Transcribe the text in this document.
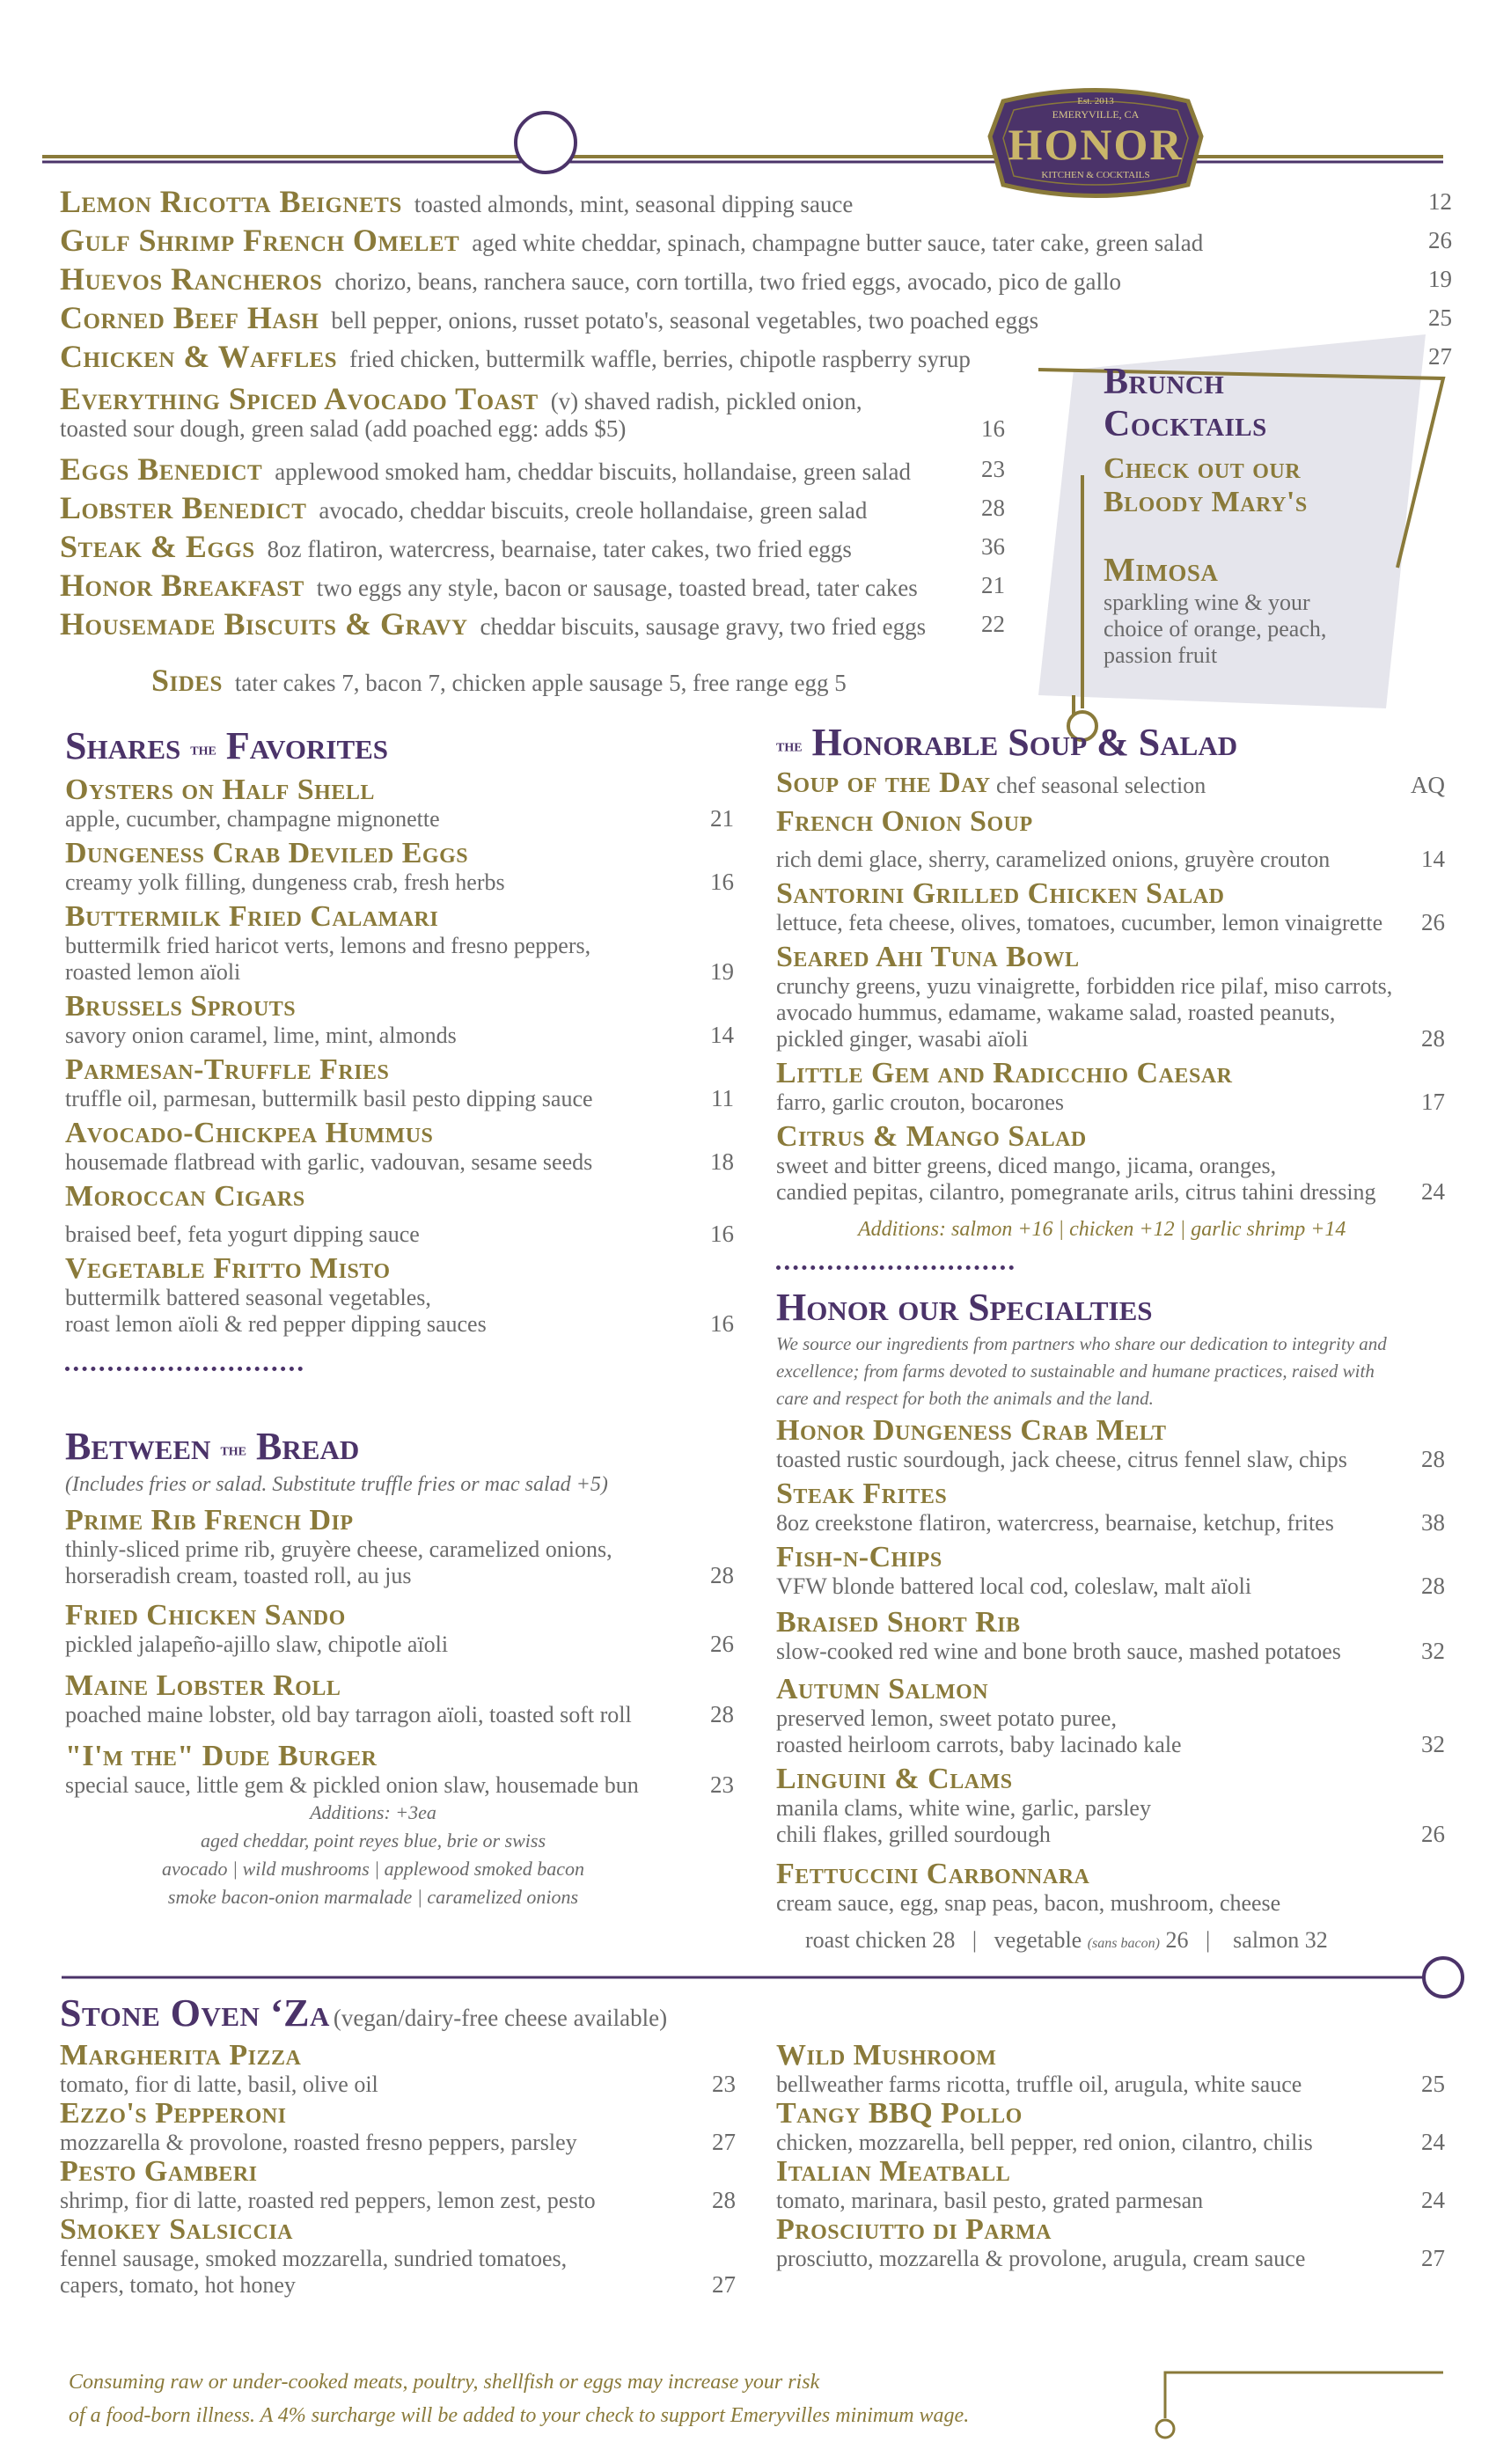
Est. 2013
EMERYVILLE, CA
HONOR
KITCHEN & COCKTAILS
Lemon Ricotta Beignets toasted almonds, mint, seasonal dipping sauce	12
Gulf Shrimp French Omelet aged white cheddar, spinach, champagne butter sauce, tater cake, green salad	26
Huevos Rancheros chorizo, beans, ranchera sauce, corn tortilla, two fried eggs, avocado, pico de gallo	19
Corned Beef Hash bell pepper, onions, russet potato's, seasonal vegetables, two poached eggs	25
Chicken & Waffles fried chicken, buttermilk waffle, berries, chipotle raspberry syrup	27
Everything Spiced Avocado Toast (v) shaved radish, pickled onion,
toasted sour dough, green salad (add poached egg: adds $5)	16
Eggs Benedict applewood smoked ham, cheddar biscuits, hollandaise, green salad	23
Lobster Benedict avocado, cheddar biscuits, creole hollandaise, green salad	28
Steak & Eggs 8oz flatiron, watercress, bearnaise, tater cakes, two fried eggs	36
Honor Breakfast two eggs any style, bacon or sausage, toasted bread, tater cakes	21
Housemade Biscuits & Gravy cheddar biscuits, sausage gravy, two fried eggs	22
Sides tater cakes 7, bacon 7, chicken apple sausage 5, free range egg 5
Brunch
Cocktails
Check out our
Bloody Mary's
Mimosa
sparkling wine & your
choice of orange, peach,
passion fruit
Shares the Favorites
Oysters on Half Shell
apple, cucumber, champagne mignonette	21
Dungeness Crab Deviled Eggs
creamy yolk filling, dungeness crab, fresh herbs	16
Buttermilk Fried Calamari
buttermilk fried haricot verts, lemons and fresno peppers,
roasted lemon aïoli	19
Brussels Sprouts
savory onion caramel, lime, mint, almonds	14
Parmesan-Truffle Fries
truffle oil, parmesan, buttermilk basil pesto dipping sauce	11
Avocado-Chickpea Hummus
housemade flatbread with garlic, vadouvan, sesame seeds	18
Moroccan Cigars
braised beef, feta yogurt dipping sauce	16
Vegetable Fritto Misto
buttermilk battered seasonal vegetables,
roast lemon aïoli & red pepper dipping sauces	16
Between the Bread
(Includes fries or salad. Substitute truffle fries or mac salad +5)
Prime Rib French Dip
thinly-sliced prime rib, gruyère cheese, caramelized onions,
horseradish cream, toasted roll, au jus	28
Fried Chicken Sando
pickled jalapeño-ajillo slaw, chipotle aïoli	26
Maine Lobster Roll
poached maine lobster, old bay tarragon aïoli, toasted soft roll	28
"I'm the" Dude Burger
special sauce, little gem & pickled onion slaw, housemade bun	23
Additions: +3ea
aged cheddar, point reyes blue, brie or swiss
avocado | wild mushrooms | applewood smoked bacon
smoke bacon-onion marmalade | caramelized onions
the Honorable Soup & Salad
Soup of the Day chef seasonal selection	AQ
French Onion Soup
rich demi glace, sherry, caramelized onions, gruyère crouton	14
Santorini Grilled Chicken Salad
lettuce, feta cheese, olives, tomatoes, cucumber, lemon vinaigrette	26
Seared Ahi Tuna Bowl
crunchy greens, yuzu vinaigrette, forbidden rice pilaf, miso carrots,
avocado hummus, edamame, wakame salad, roasted peanuts,
pickled ginger, wasabi aïoli	28
Little Gem and Radicchio Caesar
farro, garlic crouton, bocarones	17
Citrus & Mango Salad
sweet and bitter greens, diced mango, jicama, oranges,
candied pepitas, cilantro, pomegranate arils, citrus tahini dressing	24
Additions: salmon +16 | chicken +12 | garlic shrimp +14
Honor our Specialties
We source our ingredients from partners who share our dedication to integrity and
excellence; from farms devoted to sustainable and humane practices, raised with
care and respect for both the animals and the land.
Honor Dungeness Crab Melt
toasted rustic sourdough, jack cheese, citrus fennel slaw, chips	28
Steak Frites
8oz creekstone flatiron, watercress, bearnaise, ketchup, frites	38
Fish-n-Chips
VFW blonde battered local cod, coleslaw, malt aïoli	28
Braised Short Rib
slow-cooked red wine and bone broth sauce, mashed potatoes	32
Autumn Salmon
preserved lemon, sweet potato puree,
roasted heirloom carrots, baby lacinado kale	32
Linguini & Clams
manila clams, white wine, garlic, parsley
chili flakes, grilled sourdough	26
Fettuccini Carbonnara
cream sauce, egg, snap peas, bacon, mushroom, cheese
roast chicken 28 | vegetable (sans bacon) 26 | salmon 32
Stone Oven ‘Za (vegan/dairy-free cheese available)
Margherita Pizza
tomato, fior di latte, basil, olive oil	23
Ezzo's Pepperoni
mozzarella & provolone, roasted fresno peppers, parsley	27
Pesto Gamberi
shrimp, fior di latte, roasted red peppers, lemon zest, pesto	28
Smokey Salsiccia
fennel sausage, smoked mozzarella, sundried tomatoes,
capers, tomato, hot honey	27
Wild Mushroom
bellweather farms ricotta, truffle oil, arugula, white sauce	25
Tangy BBQ Pollo
chicken, mozzarella, bell pepper, red onion, cilantro, chilis	24
Italian Meatball
tomato, marinara, basil pesto, grated parmesan	24
Prosciutto di Parma
prosciutto, mozzarella & provolone, arugula, cream sauce	27
Consuming raw or under-cooked meats, poultry, shellfish or eggs may increase your risk
of a food-born illness. A 4% surcharge will be added to your check to support Emeryvilles minimum wage.
